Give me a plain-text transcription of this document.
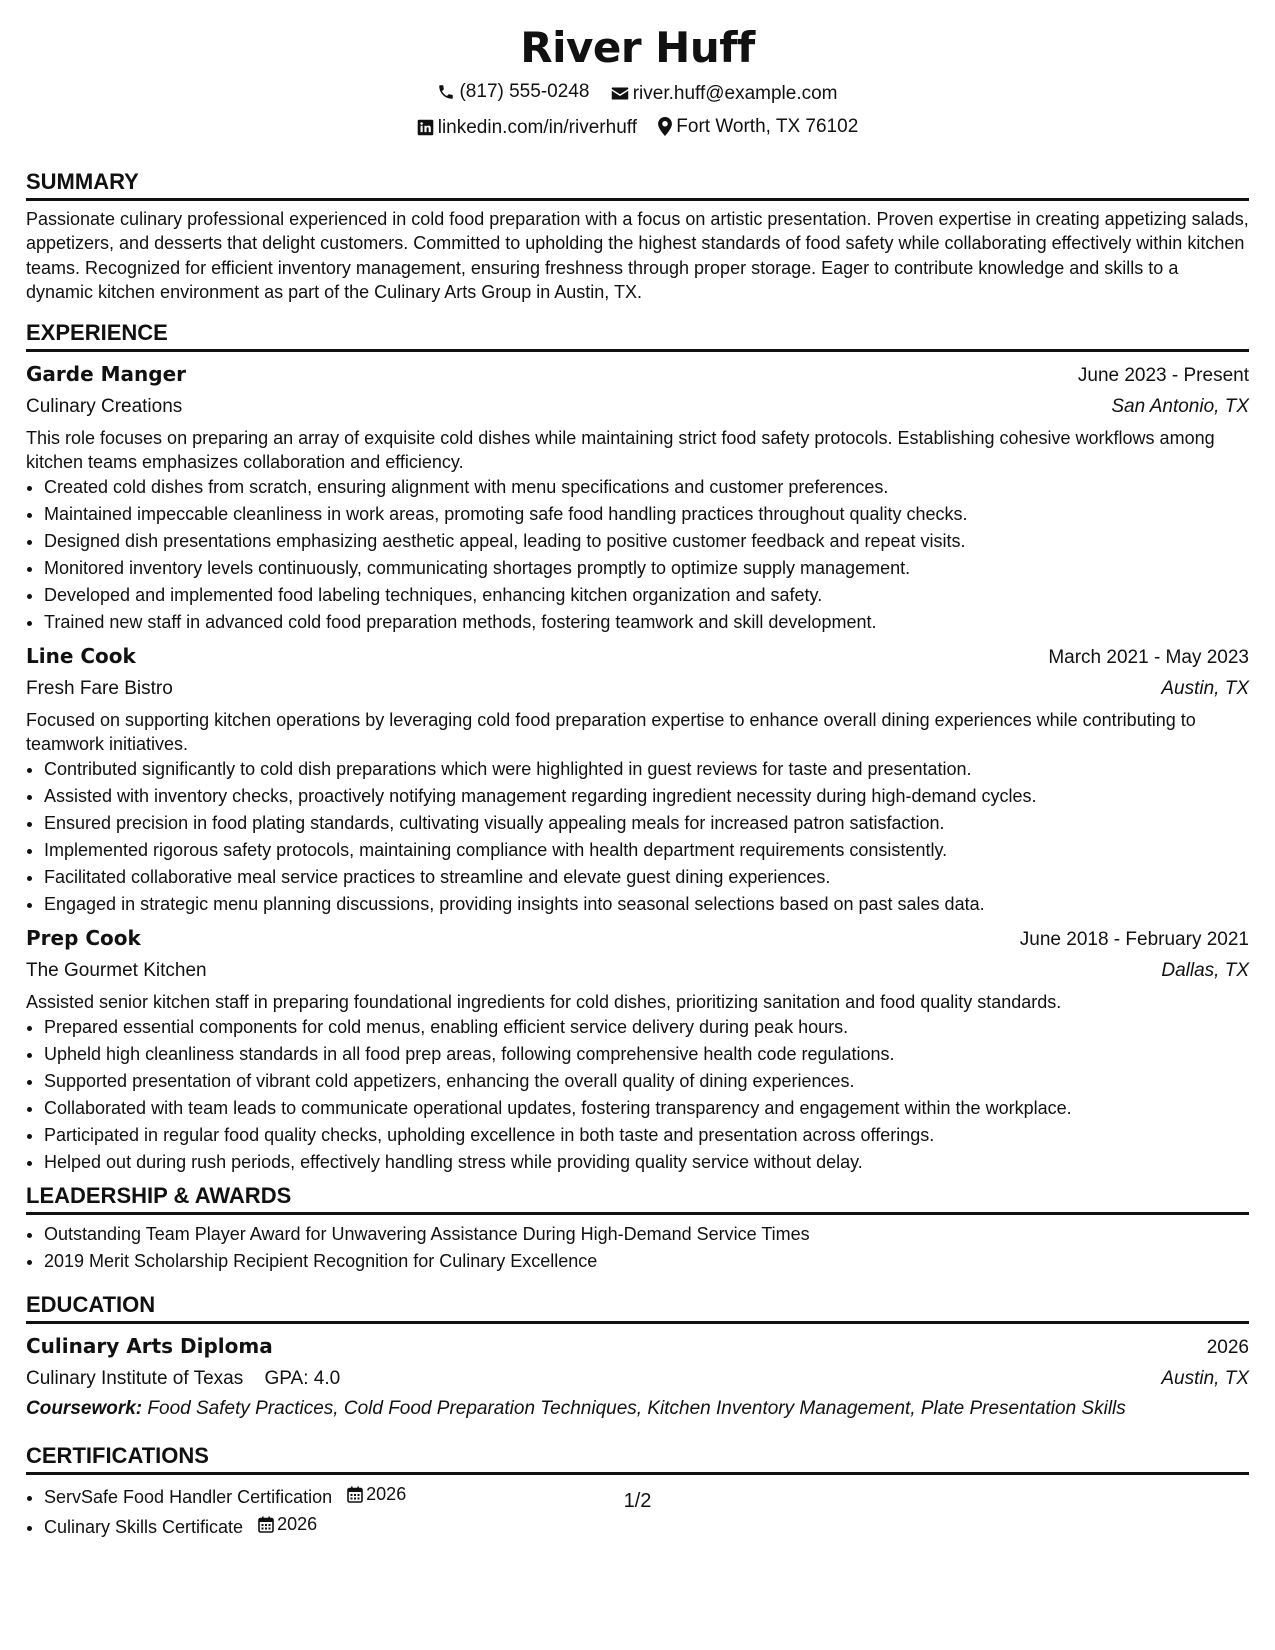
River Huff
(817) 555-0248
river.huff@example.com
linkedin.com/in/riverhuff
Fort Worth, TX 76102
SUMMARY

Passionate culinary professional experienced in cold food preparation with a focus on artistic presentation. Proven expertise in creating appetizing salads, appetizers, and desserts that delight customers. Committed to upholding the highest standards of food safety while collaborating effectively within kitchen teams. Recognized for efficient inventory management, ensuring freshness through proper storage. Eager to contribute knowledge and skills to a dynamic kitchen environment as part of the Culinary Arts Group in Austin, TX.

EXPERIENCE
Garde Manger	June 2023 - Present
Culinary Creations	San Antonio, TX

This role focuses on preparing an array of exquisite cold dishes while maintaining strict food safety protocols. Establishing cohesive workflows among kitchen teams emphasizes collaboration and efficiency.

• Created cold dishes from scratch, ensuring alignment with menu specifications and customer preferences.
• Maintained impeccable cleanliness in work areas, promoting safe food handling practices throughout quality checks.
• Designed dish presentations emphasizing aesthetic appeal, leading to positive customer feedback and repeat visits.
• Monitored inventory levels continuously, communicating shortages promptly to optimize supply management.
• Developed and implemented food labeling techniques, enhancing kitchen organization and safety.
• Trained new staff in advanced cold food preparation methods, fostering teamwork and skill development.
Line Cook	March 2021 - May 2023
Fresh Fare Bistro	Austin, TX

Focused on supporting kitchen operations by leveraging cold food preparation expertise to enhance overall dining experiences while contributing to teamwork initiatives.

• Contributed significantly to cold dish preparations which were highlighted in guest reviews for taste and presentation.
• Assisted with inventory checks, proactively notifying management regarding ingredient necessity during high-demand cycles.
• Ensured precision in food plating standards, cultivating visually appealing meals for increased patron satisfaction.
• Implemented rigorous safety protocols, maintaining compliance with health department requirements consistently.
• Facilitated collaborative meal service practices to streamline and elevate guest dining experiences.
• Engaged in strategic menu planning discussions, providing insights into seasonal selections based on past sales data.
Prep Cook	June 2018 - February 2021
The Gourmet Kitchen	Dallas, TX

Assisted senior kitchen staff in preparing foundational ingredients for cold dishes, prioritizing sanitation and food quality standards.

• Prepared essential components for cold menus, enabling efficient service delivery during peak hours.
• Upheld high cleanliness standards in all food prep areas, following comprehensive health code regulations.
• Supported presentation of vibrant cold appetizers, enhancing the overall quality of dining experiences.
• Collaborated with team leads to communicate operational updates, fostering transparency and engagement within the workplace.
• Participated in regular food quality checks, upholding excellence in both taste and presentation across offerings.
• Helped out during rush periods, effectively handling stress while providing quality service without delay.
LEADERSHIP & AWARDS
• Outstanding Team Player Award for Unwavering Assistance During High-Demand Service Times
• 2019 Merit Scholarship Recipient Recognition for Culinary Excellence
EDUCATION
Culinary Arts Diploma	2026
Culinary Institute of Texas GPA: 4.0	Austin, TX
Coursework: Food Safety Practices, Cold Food Preparation Techniques, Kitchen Inventory Management, Plate Presentation Skills
CERTIFICATIONS
• ServSafe Food Handler Certification 2026
• Culinary Skills Certificate 2026
1/2
